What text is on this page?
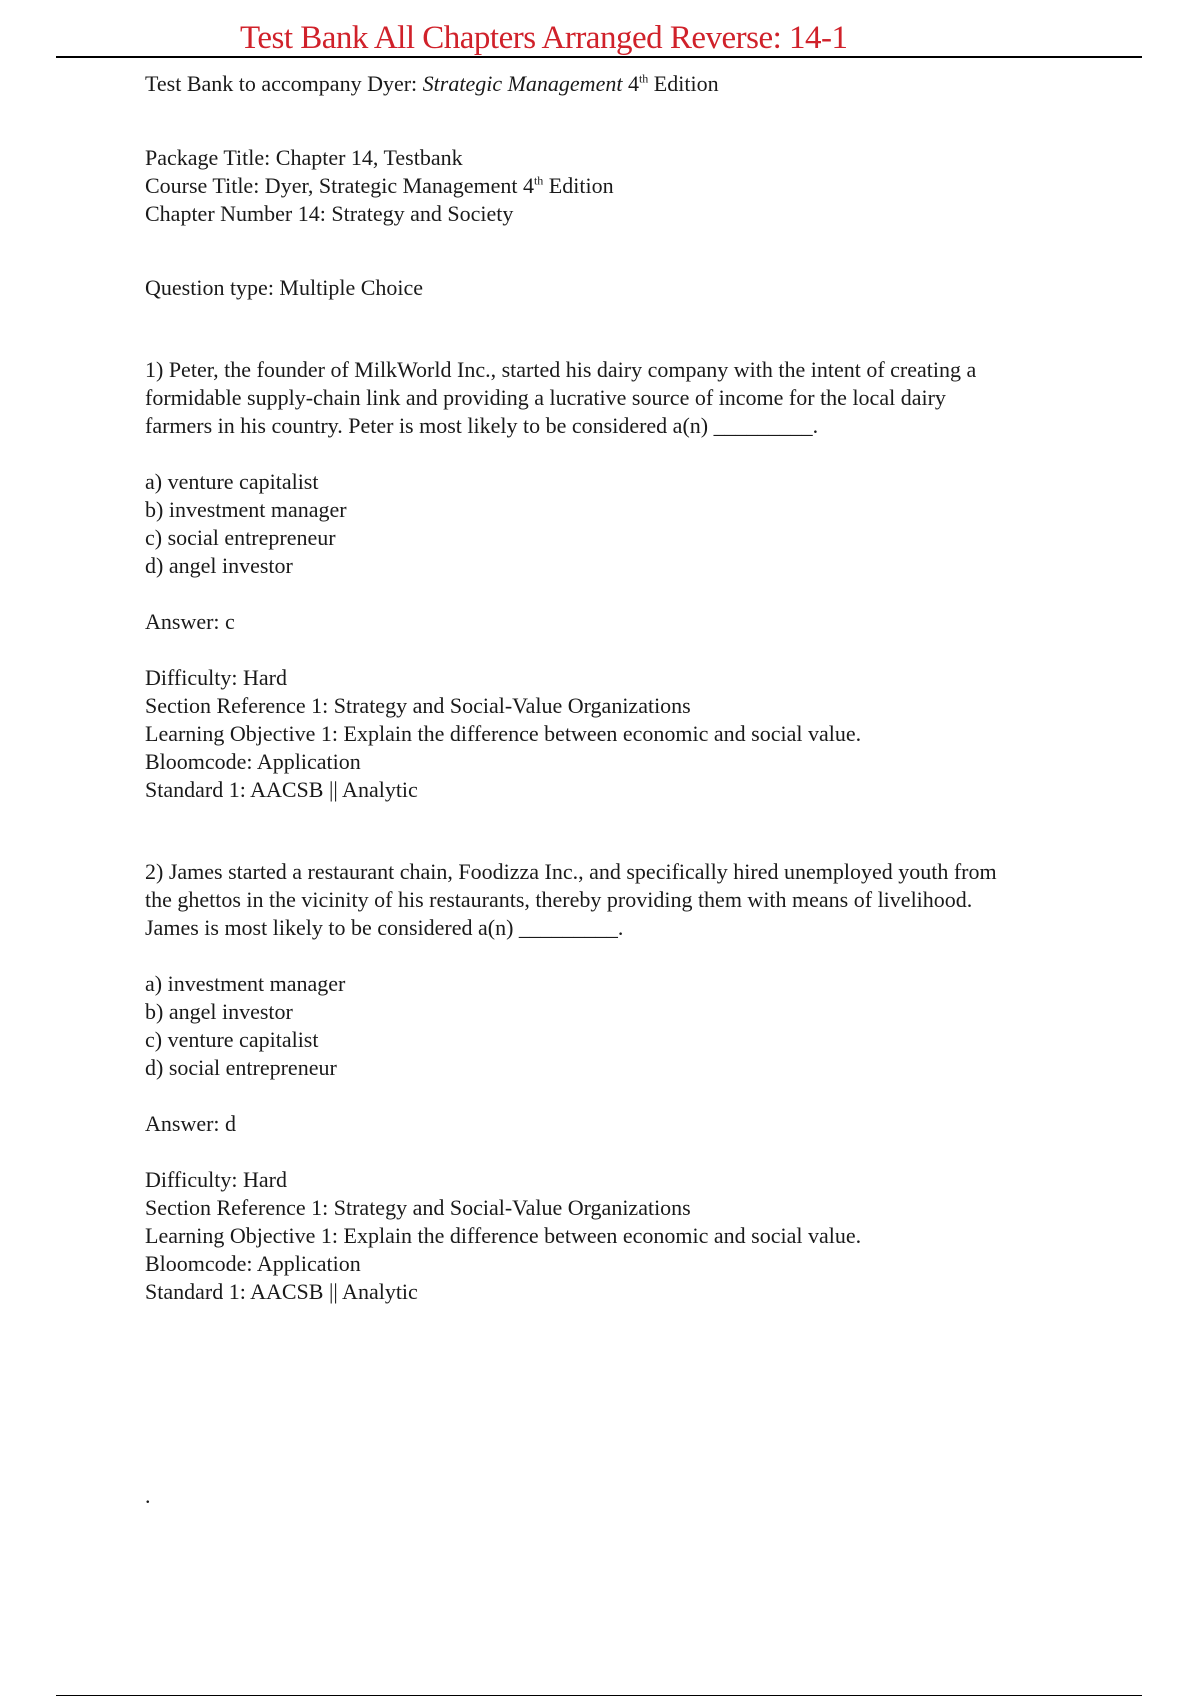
Test Bank All Chapters Arranged Reverse: 14-1
Test Bank to accompany Dyer: Strategic Management 4th Edition
Package Title: Chapter 14, Testbank
Course Title: Dyer, Strategic Management 4th Edition
Chapter Number 14: Strategy and Society
Question type: Multiple Choice
1) Peter, the founder of MilkWorld Inc., started his dairy company with the intent of creating a
formidable supply-chain link and providing a lucrative source of income for the local dairy
farmers in his country. Peter is most likely to be considered a(n) _________.
a) venture capitalist
b) investment manager
c) social entrepreneur
d) angel investor
Answer: c
Difficulty: Hard
Section Reference 1: Strategy and Social-Value Organizations
Learning Objective 1: Explain the difference between economic and social value.
Bloomcode: Application
Standard 1: AACSB || Analytic
2) James started a restaurant chain, Foodizza Inc., and specifically hired unemployed youth from
the ghettos in the vicinity of his restaurants, thereby providing them with means of livelihood.
James is most likely to be considered a(n) _________.
a) investment manager
b) angel investor
c) venture capitalist
d) social entrepreneur
Answer: d
Difficulty: Hard
Section Reference 1: Strategy and Social-Value Organizations
Learning Objective 1: Explain the difference between economic and social value.
Bloomcode: Application
Standard 1: AACSB || Analytic
.
